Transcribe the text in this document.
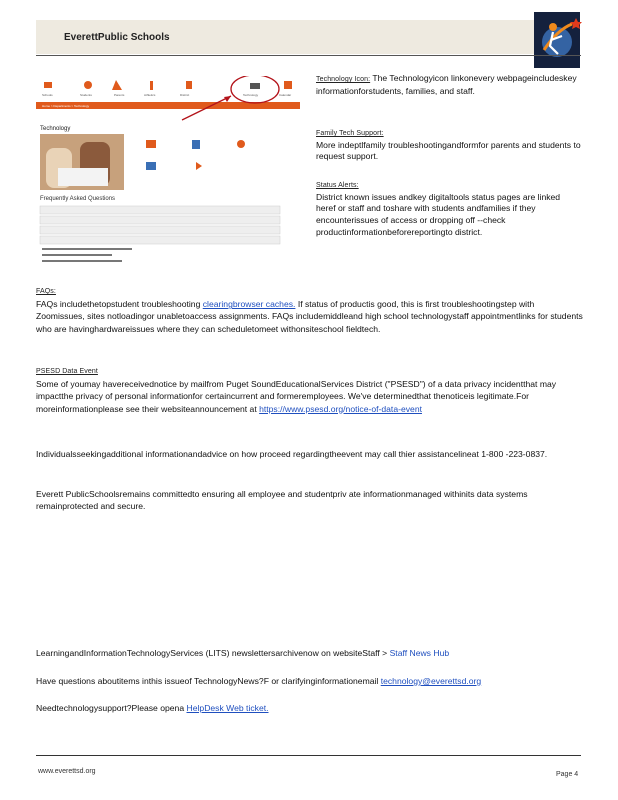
EverettPublic Schools
Schools	Students	Parents	Athletics	District	Technology	Calendar
Home > Departments > Technology
Technology
Frequently Asked Questions
Technology Icon: The Technologyicon linkonevery webpageincludeskey informationforstudents, families, and staff.
Family Tech Support:
More indeptlfamily troubleshootingandformfor parents and students to request support.
Status Alerts:
District known issues andkey digitaltools status pages are linked heref or staff and toshare with students andfamilies if they encounterissues of access or dropping off --check productinformationbeforereportingto district.
FAQs:
FAQs includethetopstudent troubleshooting clearingbrowser caches. If status of productis good, this is first troubleshootingstep with Zoomissues, sites notloadingor unabletoaccess assignments. FAQs includemiddleand high school technologystaff appointmentlinks for students who are havinghardwareissues where they can scheduletomeet withonsiteschool fieldtech.
PSESD Data Event
Some of youmay havereceivednotice by mailfrom Puget SoundEducationalServices District ("PSESD") of a data privacy incidentthat may impactthe privacy of personal informationfor certaincurrent and formeremployees. We've determinedthat thenoticeis legitimate.For moreinformationplease see their websiteannouncement at https://www.psesd.org/notice-of-data-event
Individualsseekingadditional informationandadvice on how proceed regardingtheevent may call thier assistancelineat 1-800 -223-0837.
Everett PublicSchoolsremains committedto ensuring all employee and studentpriv ate informationmanaged withinits data systems remainprotected and secure.
LearningandInformationTechnologyServices (LITS) newslettersarchivenow on websiteStaff > Staff News Hub
Have questions aboutitems inthis issueof TechnologyNews?F or clarifyinginformationemail technology@everettsd.org
Needtechnologysupport?Please opena HelpDesk Web ticket.
www.everettsd.org	Page 4
